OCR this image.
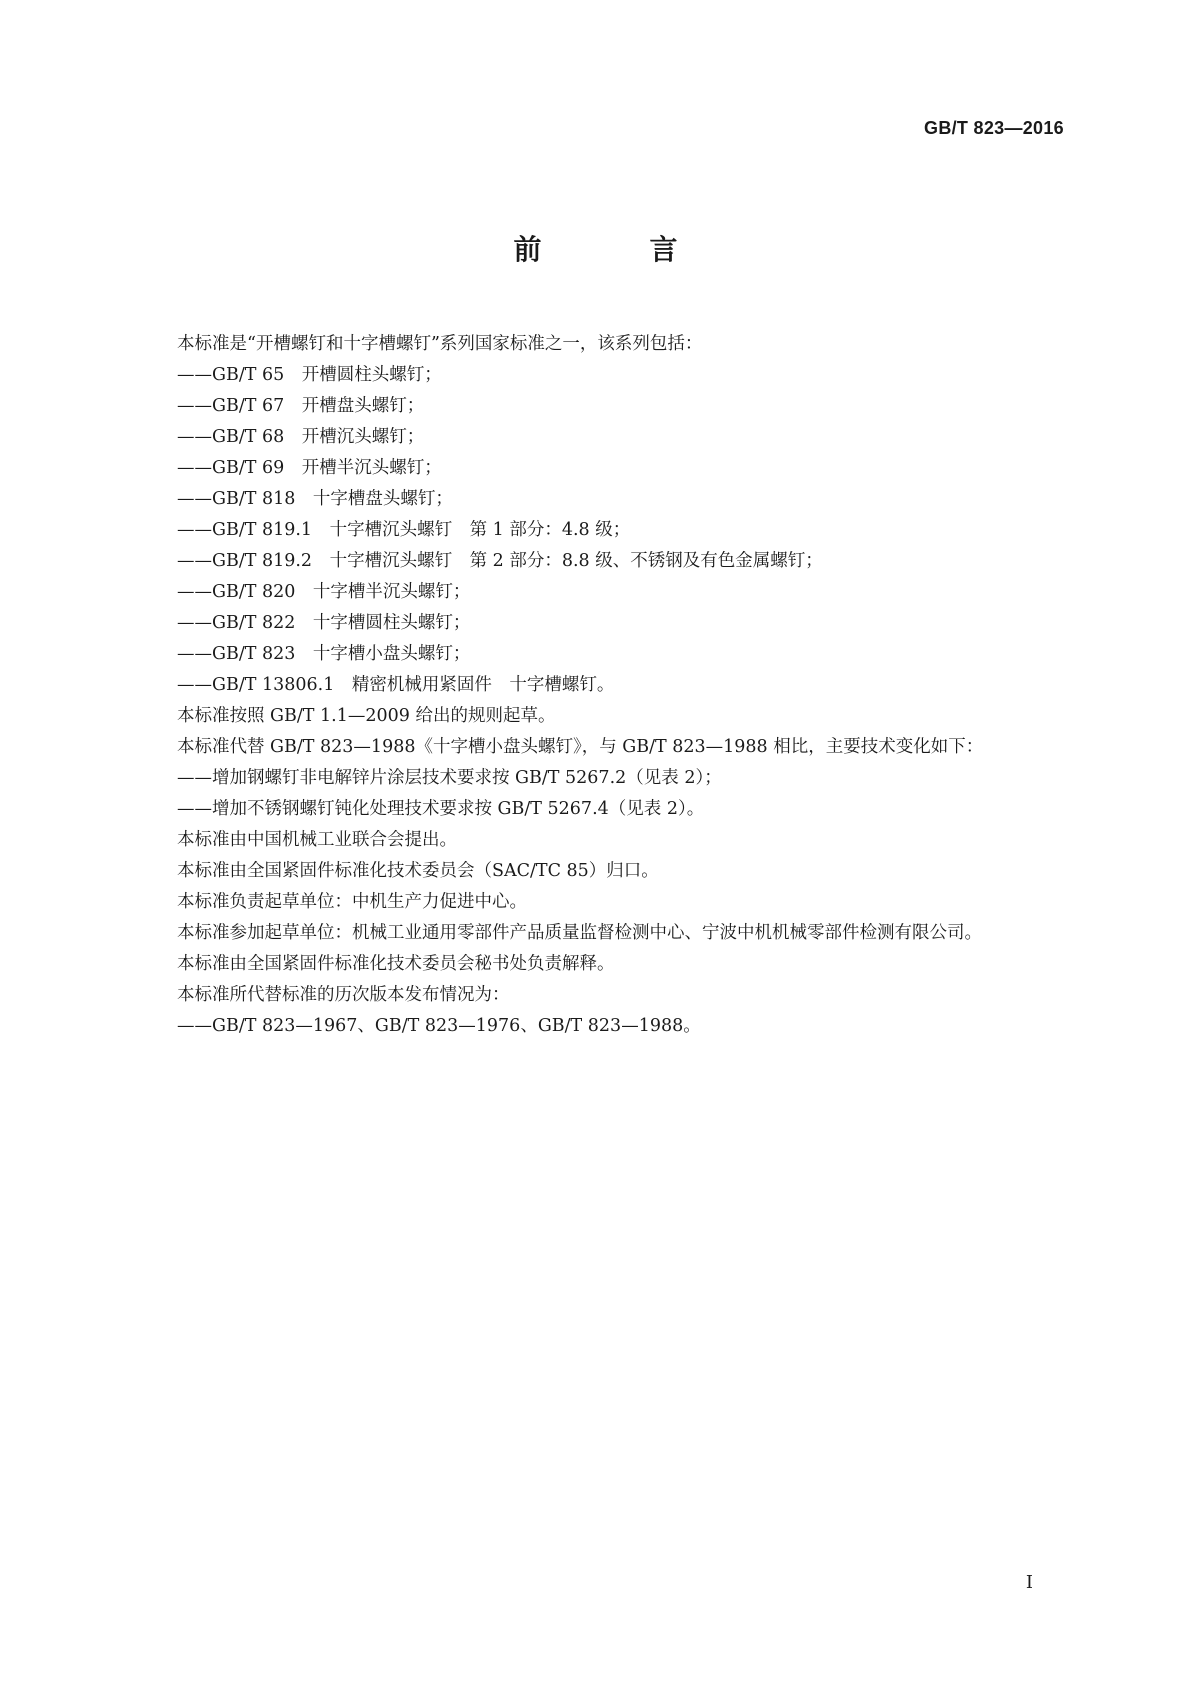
GB/T 823—2016
前　言

本标准是“开槽螺钉和十字槽螺钉”系列国家标准之一，该系列包括：

——GB/T 65　开槽圆柱头螺钉；

——GB/T 67　开槽盘头螺钉；

——GB/T 68　开槽沉头螺钉；

——GB/T 69　开槽半沉头螺钉；

——GB/T 818　十字槽盘头螺钉；

——GB/T 819.1　十字槽沉头螺钉　第 1 部分：4.8 级；

——GB/T 819.2　十字槽沉头螺钉　第 2 部分：8.8 级、不锈钢及有色金属螺钉；

——GB/T 820　十字槽半沉头螺钉；

——GB/T 822　十字槽圆柱头螺钉；

——GB/T 823　十字槽小盘头螺钉；

——GB/T 13806.1　精密机械用紧固件　十字槽螺钉。

本标准按照 GB/T 1.1—2009 给出的规则起草。

本标准代替 GB/T 823—1988《十字槽小盘头螺钉》，与 GB/T 823—1988 相比，主要技术变化如下：

——增加钢螺钉非电解锌片涂层技术要求按 GB/T 5267.2（见表 2）；

——增加不锈钢螺钉钝化处理技术要求按 GB/T 5267.4（见表 2）。

本标准由中国机械工业联合会提出。

本标准由全国紧固件标准化技术委员会（SAC/TC 85）归口。

本标准负责起草单位：中机生产力促进中心。

本标准参加起草单位：机械工业通用零部件产品质量监督检测中心、宁波中机机械零部件检测有限公司。

本标准由全国紧固件标准化技术委员会秘书处负责解释。

本标准所代替标准的历次版本发布情况为：

——GB/T 823—1967、GB/T 823—1976、GB/T 823—1988。

I
